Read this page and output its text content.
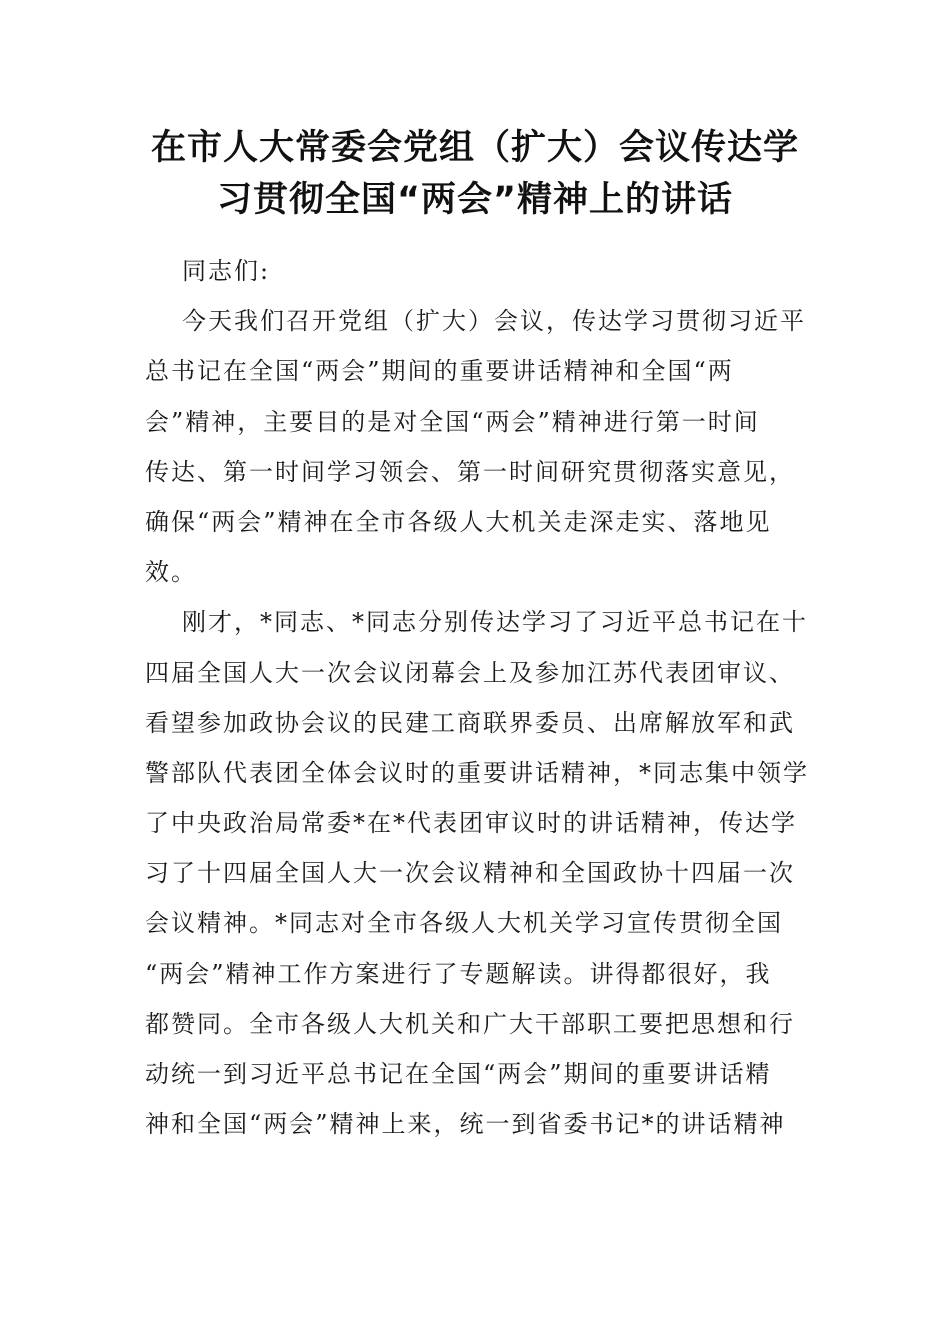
在市人大常委会党组（扩大）会议传达学
习贯彻全国“两会”精神上的讲话
同志们:
今天我们召开党组（扩大）会议，传达学习贯彻习近平
总书记在全国“两会”期间的重要讲话精神和全国“两
会”精神，主要目的是对全国“两会”精神进行第一时间
传达、第一时间学习领会、第一时间研究贯彻落实意见，
确保“两会”精神在全市各级人大机关走深走实、落地见
效。
刚才，*同志、*同志分别传达学习了习近平总书记在十
四届全国人大一次会议闭幕会上及参加江苏代表团审议、
看望参加政协会议的民建工商联界委员、出席解放军和武
警部队代表团全体会议时的重要讲话精神，*同志集中领学
了中央政治局常委*在*代表团审议时的讲话精神，传达学
习了十四届全国人大一次会议精神和全国政协十四届一次
会议精神。*同志对全市各级人大机关学习宣传贯彻全国
“两会”精神工作方案进行了专题解读。讲得都很好，我
都赞同。全市各级人大机关和广大干部职工要把思想和行
动统一到习近平总书记在全国“两会”期间的重要讲话精
神和全国“两会”精神上来，统一到省委书记*的讲话精神
